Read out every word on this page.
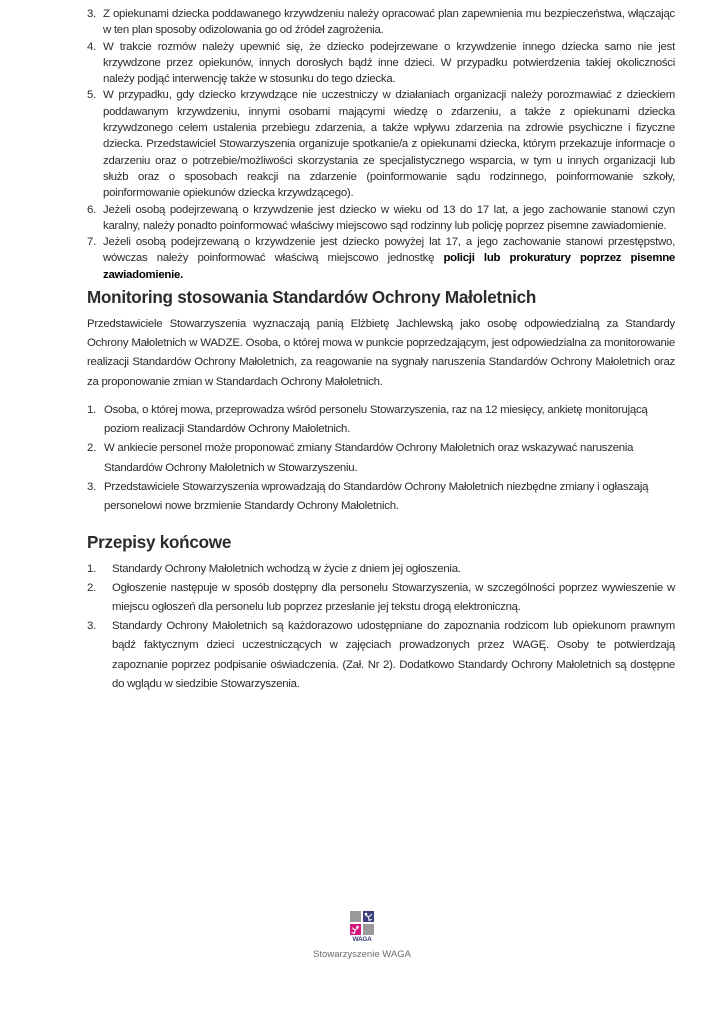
3. Z opiekunami dziecka poddawanego krzywdzeniu należy opracować plan zapewnienia mu bezpieczeństwa, włączając w ten plan sposoby odizolowania go od źródeł zagrożenia.
4. W trakcie rozmów należy upewnić się, że dziecko podejrzewane o krzywdzenie innego dziecka samo nie jest krzywdzone przez opiekunów, innych dorosłych bądź inne dzieci. W przypadku potwierdzenia takiej okoliczności należy podjąć interwencję także w stosunku do tego dziecka.
5. W przypadku, gdy dziecko krzywdzące nie uczestniczy w działaniach organizacji należy porozmawiać z dzieckiem poddawanym krzywdzeniu, innymi osobami mającymi wiedzę o zdarzeniu, a także z opiekunami dziecka krzywdzonego celem ustalenia przebiegu zdarzenia, a także wpływu zdarzenia na zdrowie psychiczne i fizyczne dziecka. Przedstawiciel Stowarzyszenia organizuje spotkanie/a z opiekunami dziecka, którym przekazuje informacje o zdarzeniu oraz o potrzebie/możliwości skorzystania ze specjalistycznego wsparcia, w tym u innych organizacji lub służb oraz o sposobach reakcji na zdarzenie (poinformowanie sądu rodzinnego, poinformowanie szkoły, poinformowanie opiekunów dziecka krzywdzącego).
6. Jeżeli osobą podejrzewaną o krzywdzenie jest dziecko w wieku od 13 do 17 lat, a jego zachowanie stanowi czyn karalny, należy ponadto poinformować właściwy miejscowo sąd rodzinny lub policję poprzez pisemne zawiadomienie.
7. Jeżeli osobą podejrzewaną o krzywdzenie jest dziecko powyżej lat 17, a jego zachowanie stanowi przestępstwo, wówczas należy poinformować właściwą miejscowo jednostkę policji lub prokuratury poprzez pisemne zawiadomienie.
Monitoring stosowania Standardów Ochrony Małoletnich

Przedstawiciele Stowarzyszenia wyznaczają panią Elżbietę Jachlewską jako osobę odpowiedzialną za Standardy Ochrony Małoletnich w WADZE. Osoba, o której mowa w punkcie poprzedzającym, jest odpowiedzialna za monitorowanie realizacji Standardów Ochrony Małoletnich, za reagowanie na sygnały naruszenia Standardów Ochrony Małoletnich oraz za proponowanie zmian w Standardach Ochrony Małoletnich.

1. Osoba, o której mowa, przeprowadza wśród personelu Stowarzyszenia, raz na 12 miesięcy, ankietę monitorującą poziom realizacji Standardów Ochrony Małoletnich.
2. W ankiecie personel może proponować zmiany Standardów Ochrony Małoletnich oraz wskazywać naruszenia Standardów Ochrony Małoletnich w Stowarzyszeniu.
3. Przedstawiciele Stowarzyszenia wprowadzają do Standardów Ochrony Małoletnich niezbędne zmiany i ogłaszają personelowi nowe brzmienie Standardy Ochrony Małoletnich.
Przepisy końcowe
1. Standardy Ochrony Małoletnich wchodzą w życie z dniem jej ogłoszenia.
2. Ogłoszenie następuje w sposób dostępny dla personelu Stowarzyszenia, w szczególności poprzez wywieszenie w miejscu ogłoszeń dla personelu lub poprzez przesłanie jej tekstu drogą elektroniczną.
3. Standardy Ochrony Małoletnich są każdorazowo udostępniane do zapoznania rodzicom lub opiekunom prawnym bądź faktycznym dzieci uczestniczących w zajęciach prowadzonych przez WAGĘ. Osoby te potwierdzają zapoznanie poprzez podpisanie oświadczenia. (Zał. Nr 2). Dodatkowo Standardy Ochrony Małoletnich są dostępne do wglądu w siedzibie Stowarzyszenia.
WAGA
Stowarzyszenie WAGA
